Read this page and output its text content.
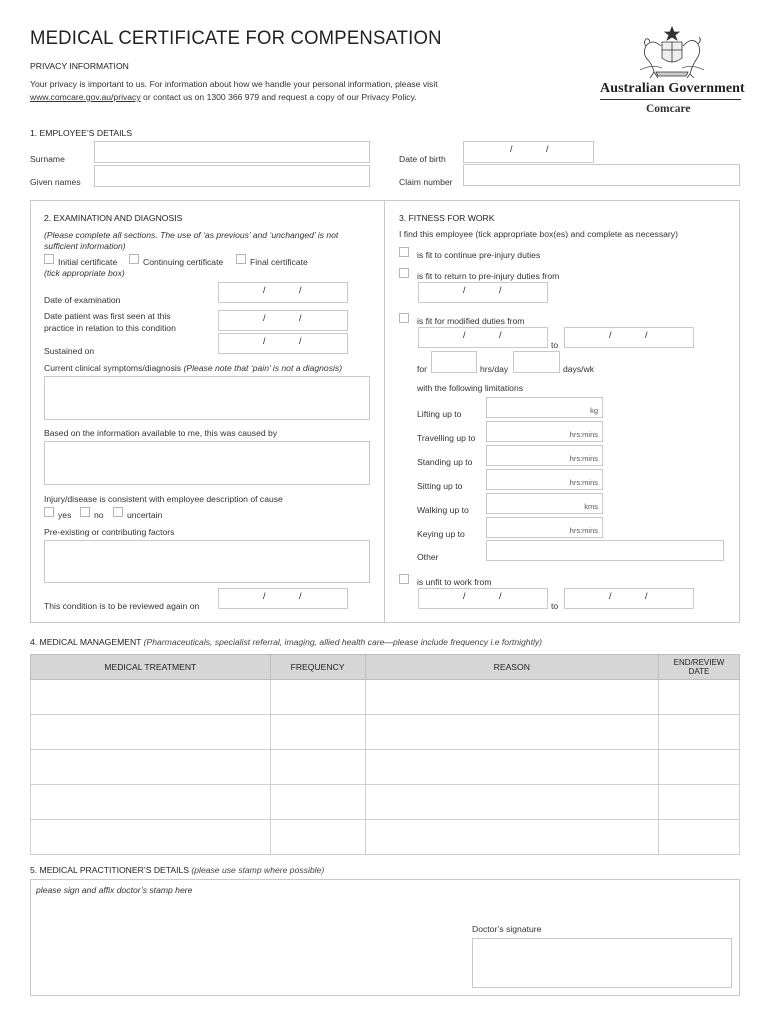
MEDICAL CERTIFICATE FOR COMPENSATION
PRIVACY INFORMATION
Your privacy is important to us. For information about how we handle your personal information, please visit
www.comcare.gov.au/privacy or contact us on 1300 366 979 and request a copy of our Privacy Policy.
Australian Government
Comcare
1. EMPLOYEE’S DETAILS
Surname
Given names
Date of birth
/	/
Claim number
2. EXAMINATION AND DIAGNOSIS
(Please complete all sections. The use of ‘as previous’ and ‘unchanged’ is not
sufficient information)
Initial certificate	Continuing certificate	Final certificate
(tick appropriate box)
Date of examination
/	/
Date patient was first seen at this
practice in relation to this condition
/	/
Sustained on
/	/
Current clinical symptoms/diagnosis (Please note that ‘pain’ is not a diagnosis)
Based on the information available to me, this was caused by
Injury/disease is consistent with employee description of cause
yes	no	uncertain
Pre-existing or contributing factors
This condition is to be reviewed again on
/	/
3. FITNESS FOR WORK
I find this employee (tick appropriate box(es) and complete as necessary)
is fit to continue pre-injury duties
is fit to return to pre-injury duties from
/	/
is fit for modified duties from
/	/
to
/	/
for	hrs/day	days/wk
with the following limitations
Lifting up to	kg
Travelling up to	hrs:mins
Standing up to	hrs:mins
Sitting up to	hrs:mins
Walking up to	kms
Keying up to	hrs:mins
Other
is unfit to work from
/	/
to
/	/
4. MEDICAL MANAGEMENT (Pharmaceuticals, specialist referral, imaging, allied health care—please include frequency i.e fortnightly)
MEDICAL TREATMENT	FREQUENCY	REASON	END/REVIEW
DATE

5. MEDICAL PRACTITIONER’S DETAILS (please use stamp where possible)
please sign and affix doctor’s stamp here
Doctor’s signature
